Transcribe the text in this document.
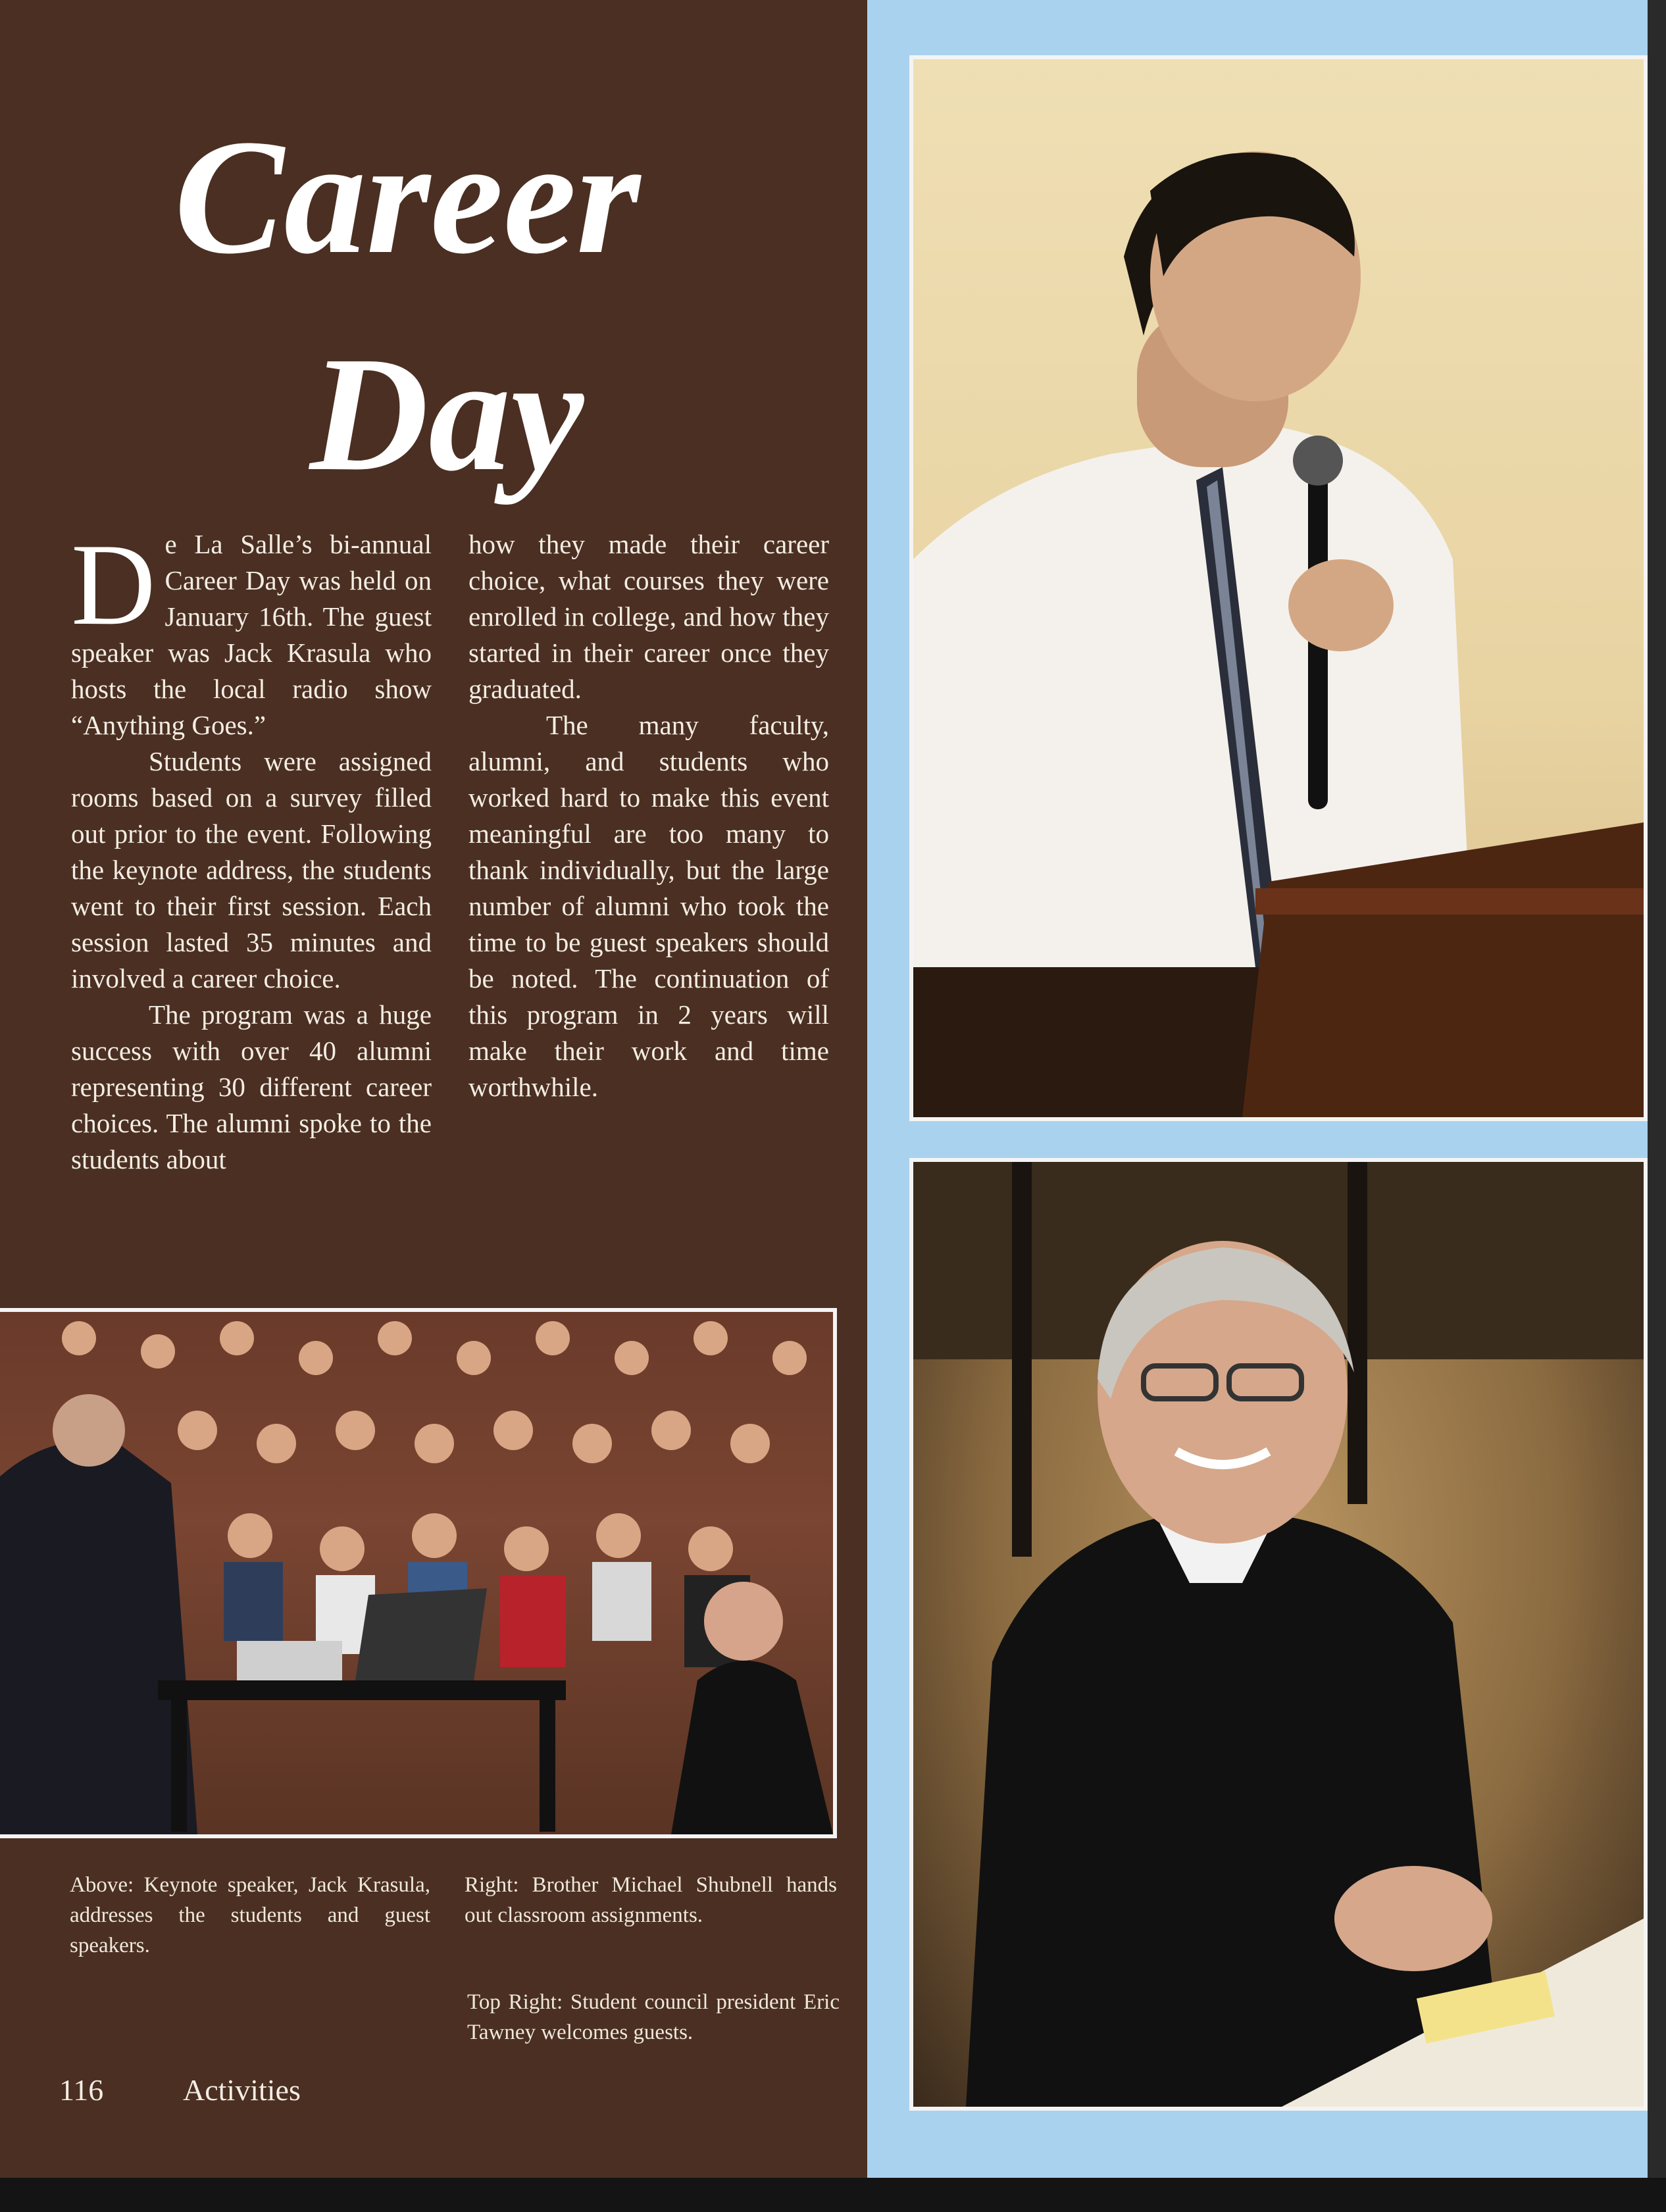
Career
Day

De La Salle’s bi-annual Career Day was held on January 16th. The guest speaker was Jack Krasula who hosts the local radio show “Anything Goes.”

Students were assigned rooms based on a survey filled out prior to the event. Following the keynote address, the students went to their first session. Each session lasted 35 minutes and involved a career choice.

The program was a huge success with over 40 alumni representing 30 different career choices. The alumni spoke to the students about

how they made their career choice, what courses they were enrolled in college, and how they started in their career once they graduated.

The many faculty, alumni, and students who worked hard to make this event meaningful are too many to thank individually, but the large number of alumni who took the time to be guest speakers should be noted. The continuation of this program in 2 years will make their work and time worthwhile.

Above: Keynote speaker, Jack Krasula, addresses the students and guest speakers.
Right: Brother Michael Shubnell hands out classroom assignments.
Top Right: Student council president Eric Tawney welcomes guests.
116	Activities
